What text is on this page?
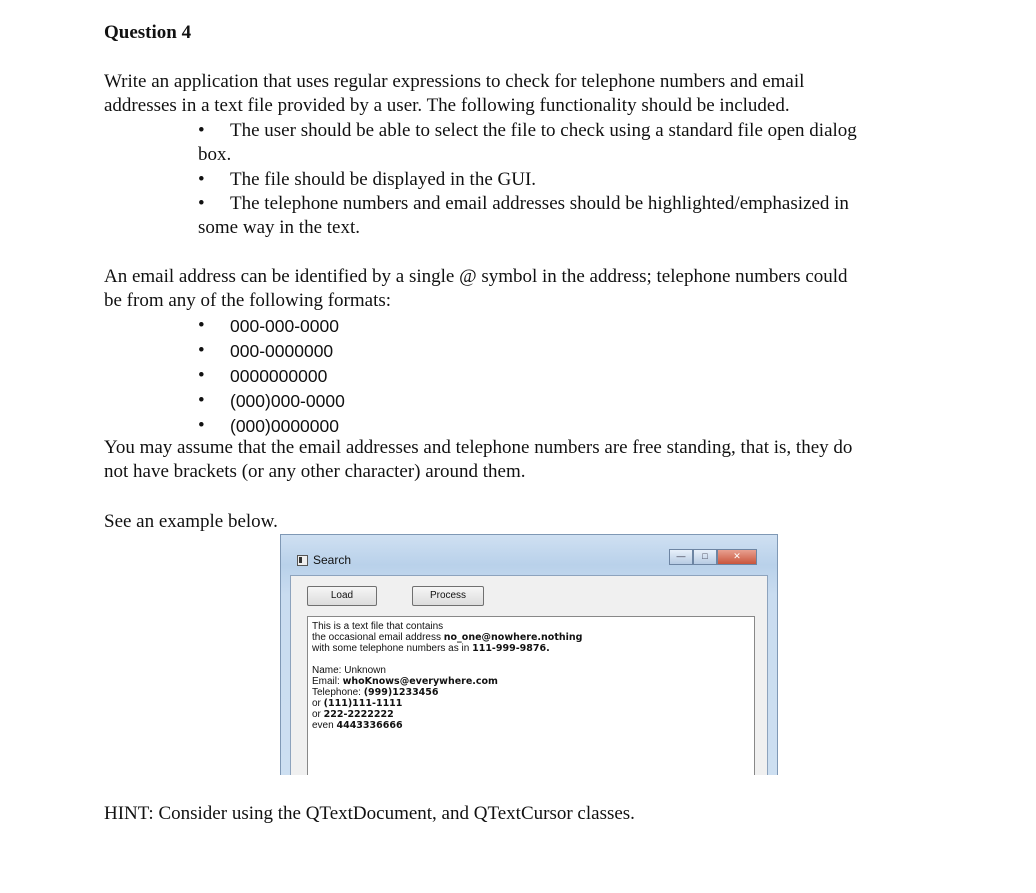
Question 4
Write an application that uses regular expressions to check for telephone numbers and email
addresses in a text file provided by a user. The following functionality should be included.
• The user should be able to select the file to check using a standard file open dialog
box.
• The file should be displayed in the GUI.
• The telephone numbers and email addresses should be highlighted/emphasized in
some way in the text.
An email address can be identified by a single @ symbol in the address; telephone numbers could
be from any of the following formats:
• 000-000-0000
• 000-0000000
• 0000000000
• (000)000-0000
• (000)0000000
You may assume that the email addresses and telephone numbers are free standing, that is, they do
not have brackets (or any other character) around them.
See an example below.
Search	—	□	✕
Load	Process
This is a text file that contains
the occasional email address no_one@nowhere.nothing
with some telephone numbers as in 111-999-9876.
Name: Unknown
Email: whoKnows@everywhere.com
Telephone: (999)1233456
or (111)111-1111
or 222-2222222
even 4443336666
HINT: Consider using the QTextDocument, and QTextCursor classes.
